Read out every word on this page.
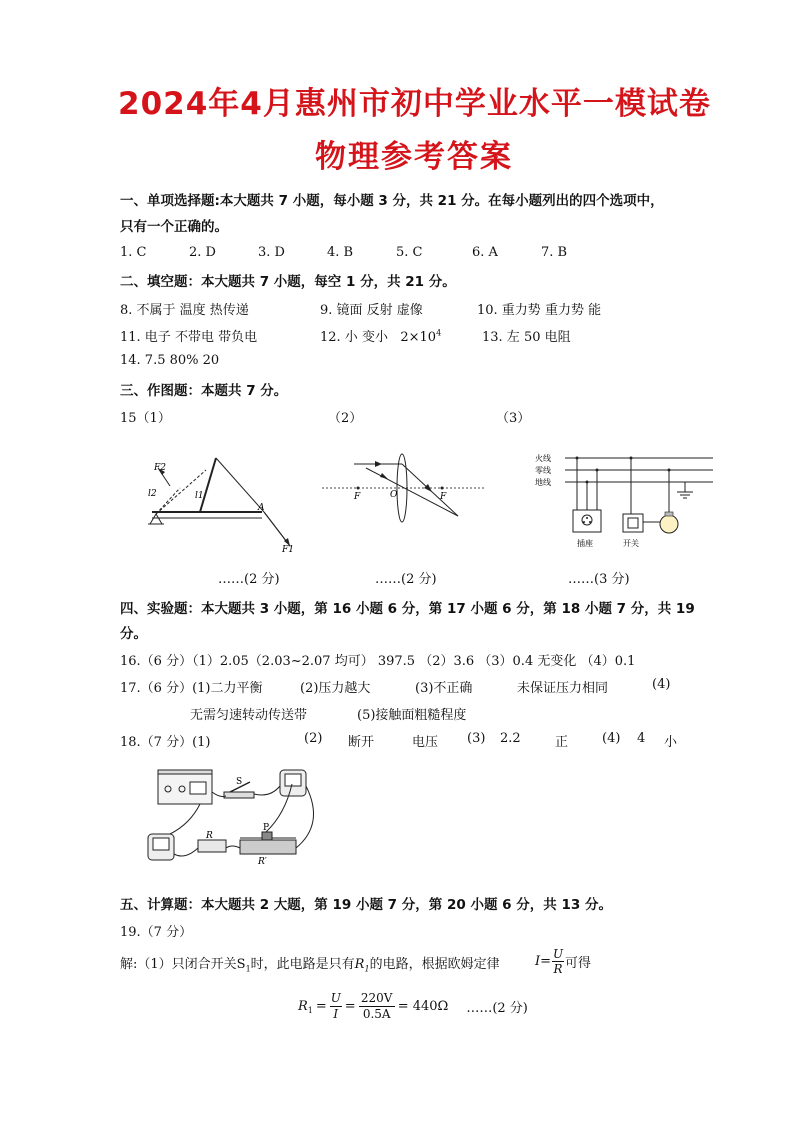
2024年4月惠州市初中学业水平一模试卷
物理参考答案
一、单项选择题:本大题共 7 小题，每小题 3 分，共 21 分。在每小题列出的四个选项中，
只有一个正确的。
1. C	2. D	3. D	4. B	5. C	6. A	7. B
二、填空题：本大题共 7 小题，每空 1 分，共 21 分。
8. 不属于 温度 热传递	9. 镜面 反射 虚像	10. 重力势 重力势 能
11. 电子 不带电 带负电	12. 小 变小 $2\times 10^4$	13. 左 50 电阻
14. 7.5 80% 20
三、作图题：本题共 7 分。
15（1）	（2）	（3）
F2
l2	l1
A
F1
F	O	F
火线
零线
地线
插座	开关
……(2 分)	……(2 分)	……(3 分)
四、实验题：本大题共 3 小题，第 16 小题 6 分，第 17 小题 6 分，第 18 小题 7 分，共 19
分。
16.（6 分）（1）2.05（2.03~2.07 均可） 397.5 （2）3.6 （3）0.4 无变化 （4）0.1
17.（6 分）(1)二力平衡	(2)压力越大	(3)不正确	未保证压力相同	(4)
无需匀速转动传送带	(5)接触面粗糙程度
18.（7 分）(1)	(2) 断开	电压 (3) 2.2	正	(4) 4 小
S
P
R
R′
五、计算题：本大题共 2 大题，第 19 小题 7 分，第 20 小题 6 分，共 13 分。
19.（7 分）
解:（1）只闭合开关$S_1$时，此电路是只有$R_1$的电路，根据欧姆定律	I = U
R 可得
$R_1$ =
U
I =
220V
0.5A = 440Ω ……(2 分)
